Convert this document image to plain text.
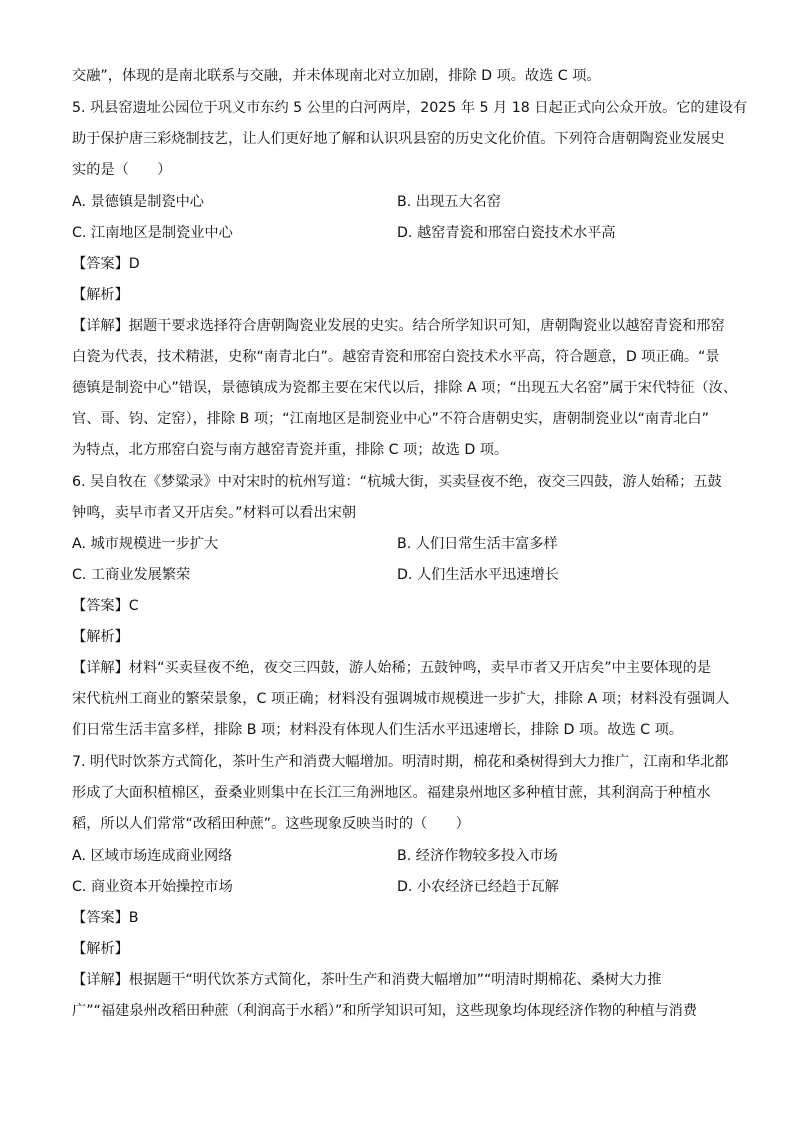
交融”，体现的是南北联系与交融，并未体现南北对立加剧，排除 D 项。故选 C 项。
5. 巩县窑遗址公园位于巩义市东约 5 公里的白河两岸，2025 年 5 月 18 日起正式向公众开放。它的建设有
助于保护唐三彩烧制技艺，让人们更好地了解和认识巩县窑的历史文化价值。下列符合唐朝陶瓷业发展史
实的是（　　）
A. 景德镇是制瓷中心	B. 出现五大名窑
C. 江南地区是制瓷业中心	D. 越窑青瓷和邢窑白瓷技术水平高
【答案】D
【解析】
【详解】据题干要求选择符合唐朝陶瓷业发展的史实。结合所学知识可知，唐朝陶瓷业以越窑青瓷和邢窑
白瓷为代表，技术精湛，史称“南青北白”。越窑青瓷和邢窑白瓷技术水平高，符合题意，D 项正确。“景
德镇是制瓷中心”错误，景德镇成为瓷都主要在宋代以后，排除 A 项；“出现五大名窑”属于宋代特征（汝、
官、哥、钧、定窑），排除 B 项；“江南地区是制瓷业中心”不符合唐朝史实，唐朝制瓷业以“南青北白”
为特点，北方邢窑白瓷与南方越窑青瓷并重，排除 C 项；故选 D 项。
6. 吴自牧在《梦粱录》中对宋时的杭州写道：“杭城大街，买卖昼夜不绝，夜交三四鼓，游人始稀；五鼓
钟鸣，卖早市者又开店矣。”材料可以看出宋朝
A. 城市规模进一步扩大	B. 人们日常生活丰富多样
C. 工商业发展繁荣	D. 人们生活水平迅速增长
【答案】C
【解析】
【详解】材料“买卖昼夜不绝，夜交三四鼓，游人始稀；五鼓钟鸣，卖早市者又开店矣”中主要体现的是
宋代杭州工商业的繁荣景象，C 项正确；材料没有强调城市规模进一步扩大，排除 A 项；材料没有强调人
们日常生活丰富多样，排除 B 项；材料没有体现人们生活水平迅速增长，排除 D 项。故选 C 项。
7. 明代时饮茶方式简化，茶叶生产和消费大幅增加。明清时期，棉花和桑树得到大力推广，江南和华北都
形成了大面积植棉区，蚕桑业则集中在长江三角洲地区。福建泉州地区多种植甘蔗，其利润高于种植水
稻，所以人们常常“改稻田种蔗”。这些现象反映当时的（　　）
A. 区域市场连成商业网络	B. 经济作物较多投入市场
C. 商业资本开始操控市场	D. 小农经济已经趋于瓦解
【答案】B
【解析】
【详解】根据题干“明代饮茶方式简化，茶叶生产和消费大幅增加”“明清时期棉花、桑树大力推
广”“福建泉州改稻田种蔗（利润高于水稻）”和所学知识可知，这些现象均体现经济作物的种植与消费
